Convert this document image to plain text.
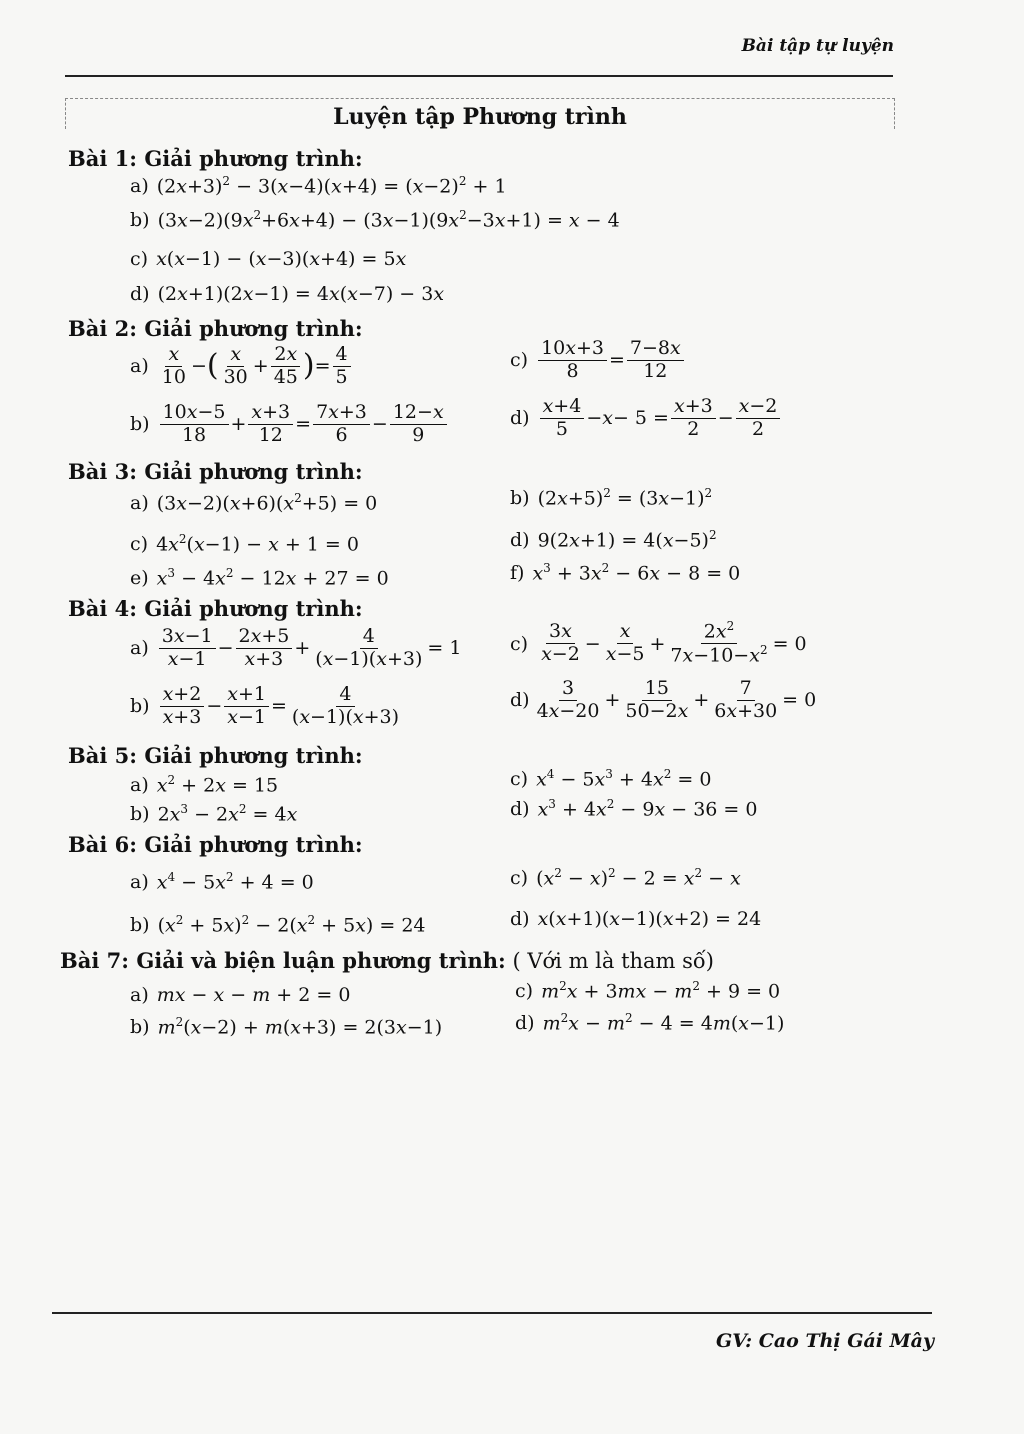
Bài tập tự luyện
Luyện tập Phương trình
Bài 1: Giải phương trình:
a) $(2x+3)^2 - 3(x-4)(x+4) = (x-2)^2 + 1$
b) $(3x-2)(9x^2+6x+4) - (3x-1)(9x^2-3x+1) = x - 4$
c) x(x−1) − (x−3)(x+4) = 5x
d) (2x+1)(2x−1) = 4x(x−7) − 3x
Bài 2: Giải phương trình:
a)
x
10 − ( x
30 +
2x
45 ) =
4
5
c)
10x+3
8 =
7−8x
12
b)
10x−5
18 +
x+3
12 =
7x+3
6 −
12−x
9
d)
x+4
5 − x − 5 =
x+3
2 −
x−2
2
Bài 3: Giải phương trình:
a) $(3x-2)(x+6)(x^2+5) = 0$	b) $(2x+5)^2 = (3x-1)^2$
c) $4x^2(x-1) - x + 1 = 0$	d) $9(2x+1) = 4(x-5)^2$
e) $x^3 - 4x^2 - 12x + 27 = 0$	f) $x^3 + 3x^2 - 6x - 8 = 0$
Bài 4: Giải phương trình:
a)
3x−1
x−1 −
2x+5
x+3 +
4
(x−1)(x+3) = 1	c)
3x
x−2 −
x
x−5 +
$2x^2$
$7x-10-x^2 = 0$
b)
x+2
x+3 −
x+1
x−1 =
4
(x−1)(x+3)
d)
3
4x−20 +
15
50−2x +
7
6x+30 = 0
Bài 5: Giải phương trình:
a) $x^2 + 2x = 15$	c) $x^4 - 5x^3 + 4x^2 = 0$
b) $2x^3 - 2x^2 = 4x$	d) $x^3 + 4x^2 - 9x - 36 = 0$
Bài 6: Giải phương trình:
a) $x^4 - 5x^2 + 4 = 0$	c) $(x^2 - x)^2 - 2 = x^2 - x$
b) $(x^2 + 5x)^2 - 2(x^2 + 5x) = 24$	d) x(x+1)(x−1)(x+2) = 24
Bài 7: Giải và biện luận phương trình: ( Với m là tham số)
a) mx − x − m + 2 = 0	c) $m^2x + 3mx - m^2 + 9 = 0$
b) $m^2(x-2) + m(x+3) = 2(3x-1)$	d) $m^2x - m^2 - 4 = 4m(x-1)$
GV: Cao Thị Gái Mây
